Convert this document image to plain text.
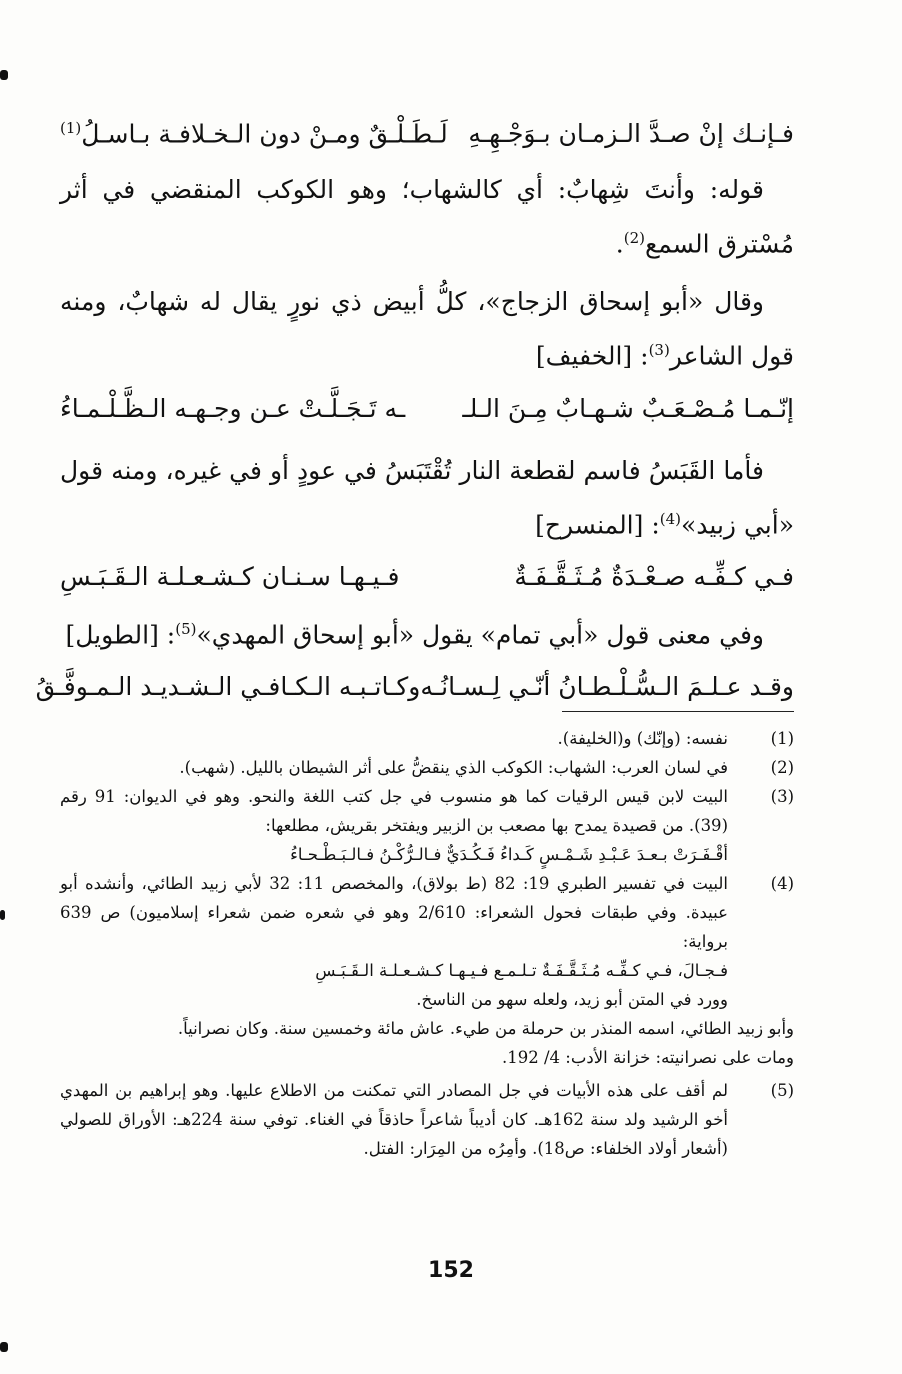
فـإنـك إنْ صـدَّ الـزمـان بـوَجْـهِـهِ
لَـطَـلْـقٌ ومـنْ دون الـخـلافـة بـاسـلُ$^{(1)}$

قوله: وأنتَ شِهابٌ: أي كالشهاب؛ وهو الكوكب المنقضي في أثر مُسْترق السمع$^{(2)}$.

وقال «أبو إسحاق الزجاج»، كلُّ أبيض ذي نورٍ يقال له شهابٌ، ومنه قول الشاعر$^{(3)}$: [الخفيف]

إنّـمـا مُـصْـعَـبٌ شـهـابٌ مِـنَ الـلـ
ـه تَـجَـلَّـتْ عـن وجـهـه الـظَّـلْـمـاءُ

فأما القَبَسُ فاسم لقطعة النار تُقْتَبَسُ في عودٍ أو في غيره، ومنه قول «أبي زبيد»$^{(4)}$: [المنسرح]

فـي كـفِّـه صـعْـدَةٌ مُـثَـقَّـفَـةٌ
فـيـهـا سـنـان كـشـعـلـة الـقَـبَـسِ

وفي معنى قول «أبي تمام» يقول «أبو إسحاق المهدي»$^{(5)}$: [الطويل]

وقـد عـلـمَ الـسُّـلْـطـانُ أنّـي لِـسـانُـه
وكـاتـبـه الـكـافـي الـشـديـد الـمـوفَّـقُ
(1)
نفسه: (وإنّك) و(الخليفة).
(2)
في لسان العرب: الشهاب: الكوكب الذي ينقضُّ على أثر الشيطان بالليل. (شهب).
(3)
البيت لابن قيس الرقيات كما هو منسوب في جل كتب اللغة والنحو. وهو في الديوان: 91 رقم (39). من قصيدة يمدح بها مصعب بن الزبير ويفتخر بقريش، مطلعها:
أقْـفَـرَتْ بـعـدَ عَـبْـدِ شَـمْـسٍ كَـداءُ فَـكُـدَيٌّ فـالـرُّكْـنُ فـالـبَـطْـحـاءُ
(4)
البيت في تفسير الطبري 19: 82 (ط بولاق)، والمخصص 11: 32 لأبي زبيد الطائي، وأنشده أبو عبيدة. وفي طبقات فحول الشعراء: 2/610 وهو في شعره ضمن شعراء إسلاميون) ص 639 برواية:
فـجـالَ، فـي كـفِّـه مُـثَـقَّـفَـةٌ تـلـمـع فـيـهـا كـشـعـلـة الـقَـبَـسِ
وورد في المتن أبو زيد، ولعله سهو من الناسخ.
وأبو زبيد الطائي، اسمه المنذر بن حرملة من طيء. عاش مائة وخمسين سنة. وكان نصرانياً.
ومات على نصرانيته: خزانة الأدب: 4/ 192.
(5)
لم أقف على هذه الأبيات في جل المصادر التي تمكنت من الاطلاع عليها. وهو إبراهيم بن المهدي أخو الرشيد ولد سنة 162هـ. كان أديباً شاعراً حاذقاً في الغناء. توفي سنة 224هـ: الأوراق للصولي (أشعار أولاد الخلفاء: ص18). وأمِرُه من المِرَار: الفتل.
152
